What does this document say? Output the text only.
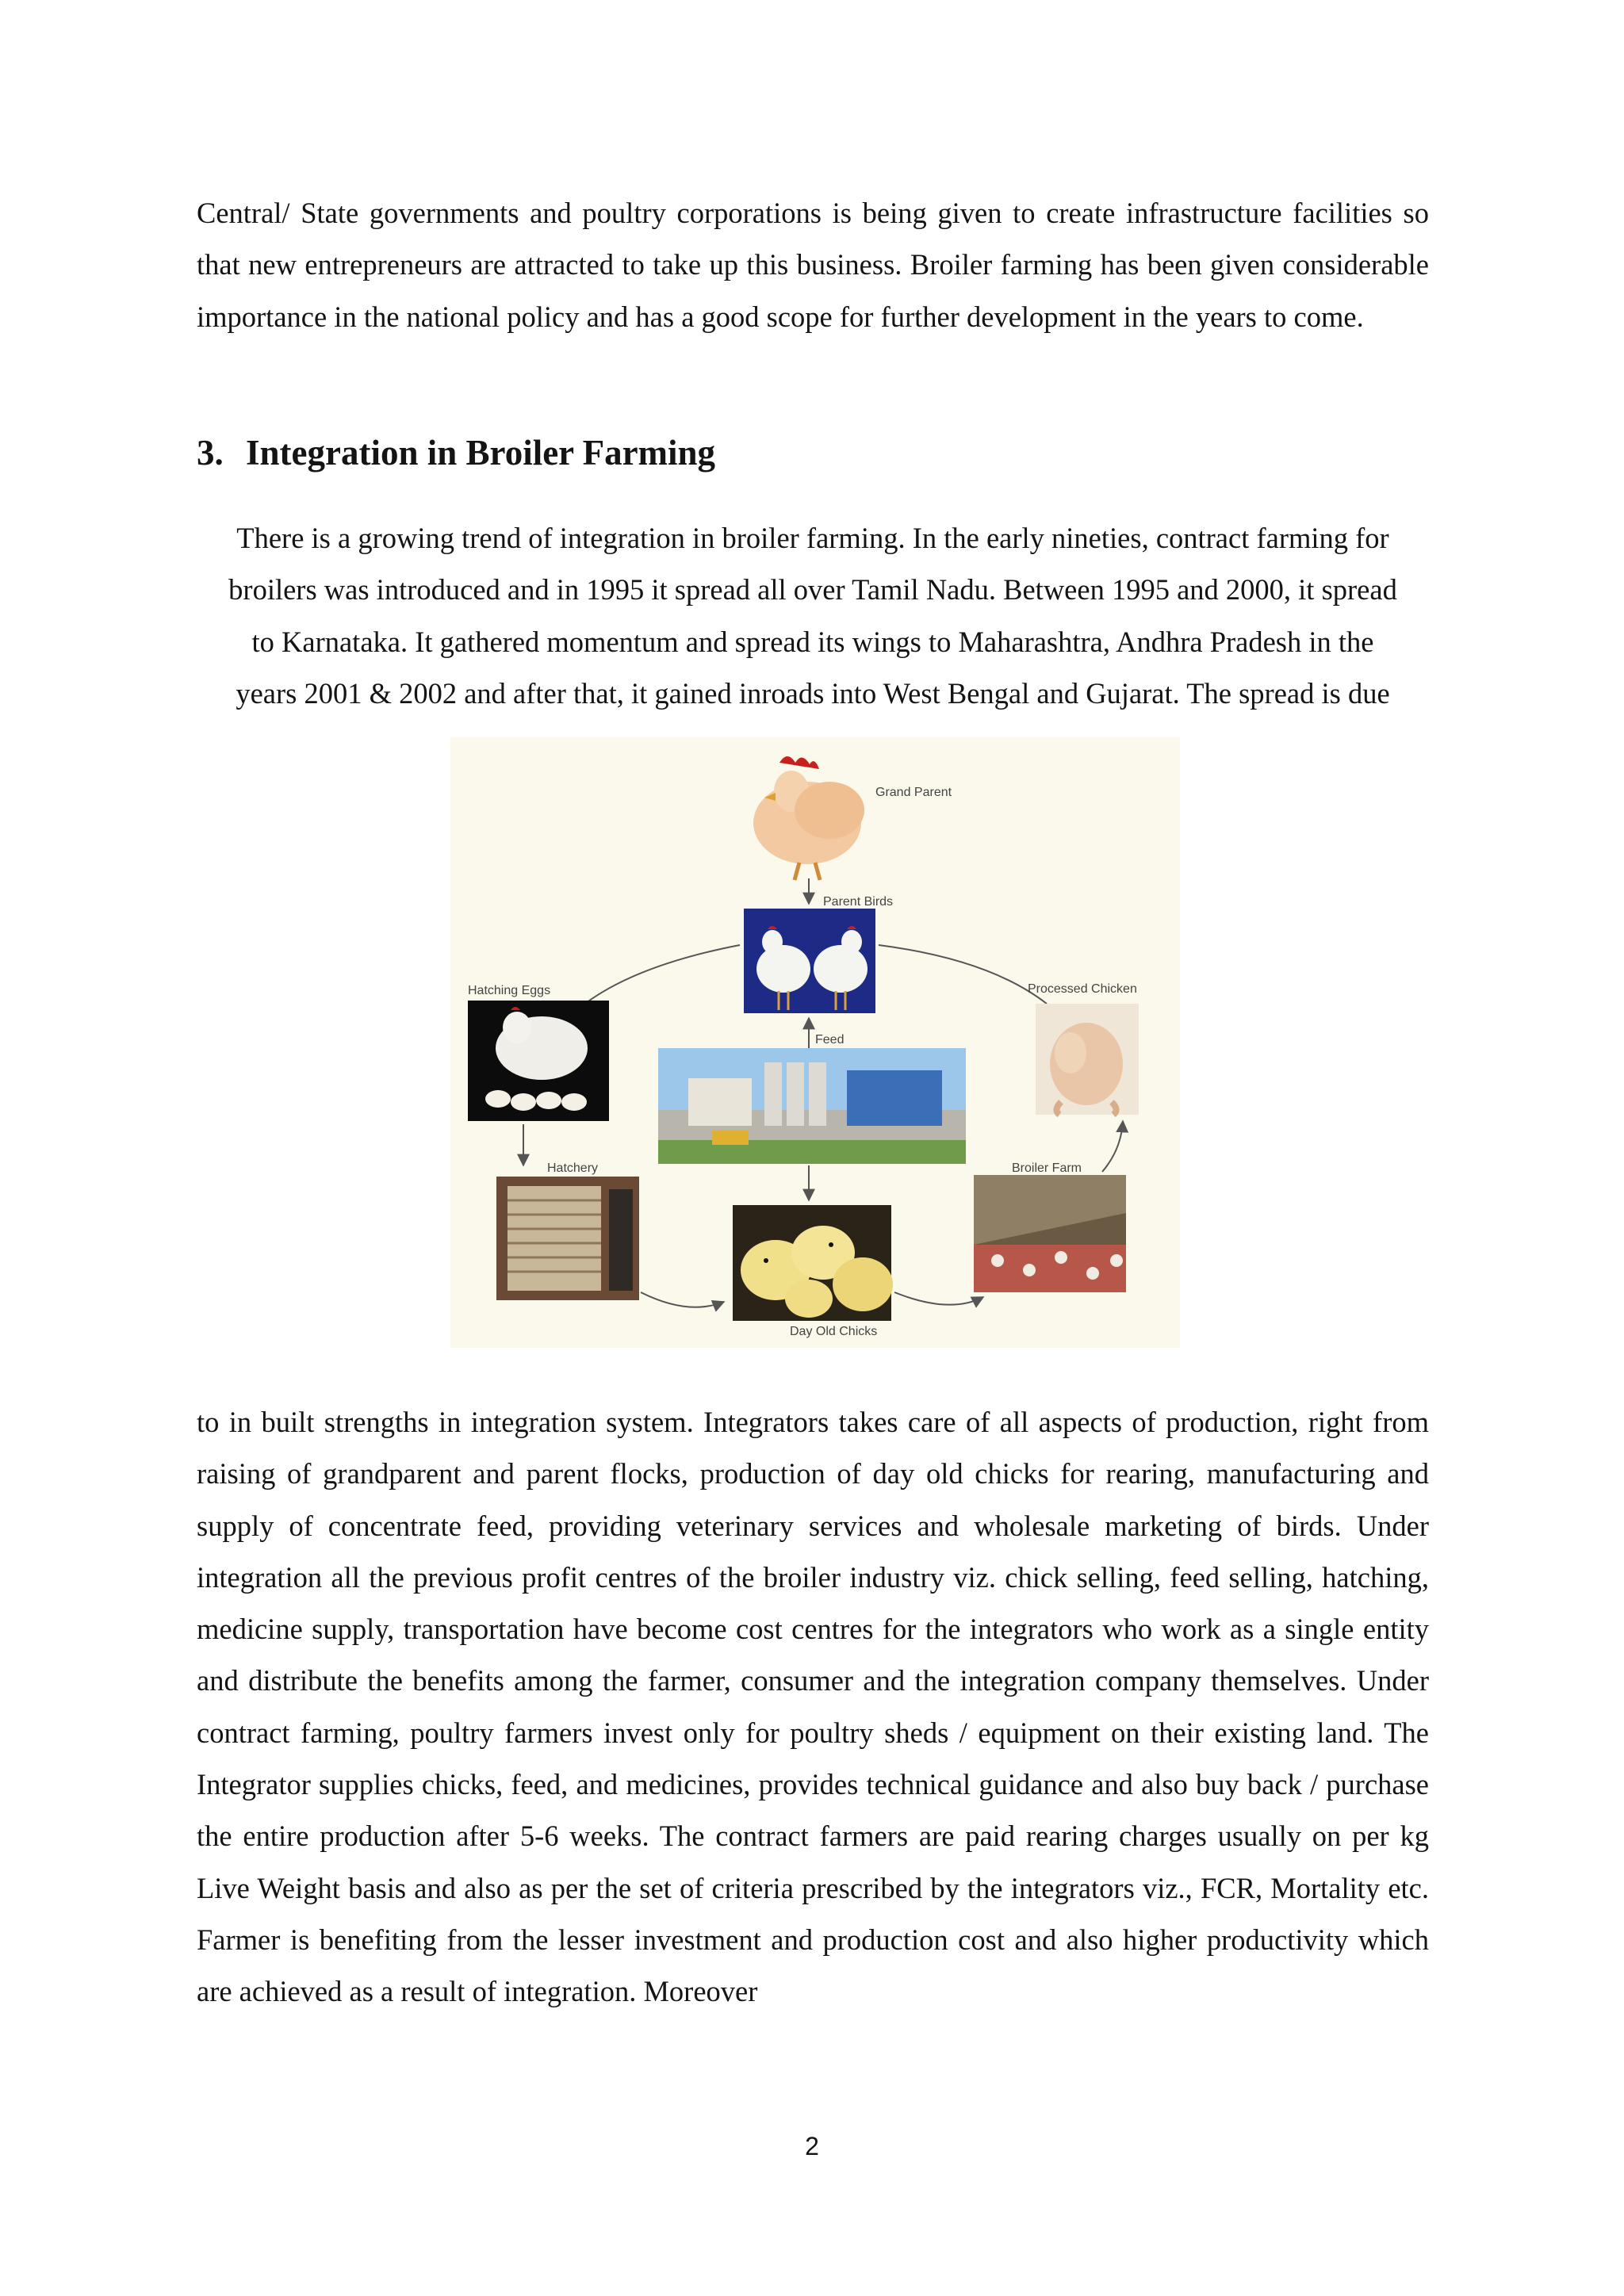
Central/ State governments and poultry corporations is being given to create infrastructure facilities so that new entrepreneurs are attracted to take up this business. Broiler farming has been given considerable importance in the national policy and has a good scope for further development in the years to come.

3. Integration in Broiler Farming
There is a growing trend of integration in broiler farming. In the early nineties, contract farming for
broilers was introduced and in 1995 it spread all over Tamil Nadu. Between 1995 and 2000, it spread
to Karnataka. It gathered momentum and spread its wings to Maharashtra, Andhra Pradesh in the
years 2001 & 2002 and after that, it gained inroads into West Bengal and Gujarat. The spread is due
Grand Parent
Parent Birds
Feed
Hatching Eggs
Hatchery
Day Old Chicks
Broiler Farm
Processed Chicken

to in built strengths in integration system. Integrators takes care of all aspects of production, right from raising of grandparent and parent flocks, production of day old chicks for rearing, manufacturing and supply of concentrate feed, providing veterinary services and wholesale marketing of birds. Under integration all the previous profit centres of the broiler industry viz. chick selling, feed selling, hatching, medicine supply, transportation have become cost centres for the integrators who work as a single entity and distribute the benefits among the farmer, consumer and the integration company themselves. Under contract farming, poultry farmers invest only for poultry sheds / equipment on their existing land. The Integrator supplies chicks, feed, and medicines, provides technical guidance and also buy back / purchase the entire production after 5-6 weeks. The contract farmers are paid rearing charges usually on per kg Live Weight basis and also as per the set of criteria prescribed by the integrators viz., FCR, Mortality etc. Farmer is benefiting from the lesser investment and production cost and also higher productivity which are achieved as a result of integration. Moreover

2
